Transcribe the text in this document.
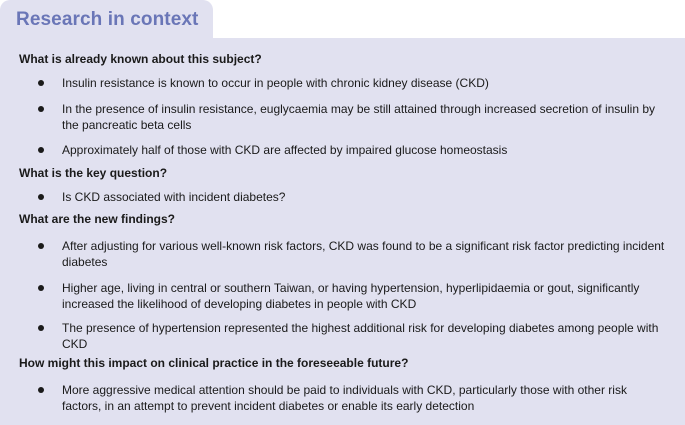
Research in context
What is already known about this subject?
Insulin resistance is known to occur in people with chronic kidney disease (CKD)
In the presence of insulin resistance, euglycaemia may be still attained through increased secretion of insulin by the pancreatic beta cells
Approximately half of those with CKD are affected by impaired glucose homeostasis
What is the key question?
Is CKD associated with incident diabetes?
What are the new findings?
After adjusting for various well-known risk factors, CKD was found to be a significant risk factor predicting incident diabetes
Higher age, living in central or southern Taiwan, or having hypertension, hyperlipidaemia or gout, significantly increased the likelihood of developing diabetes in people with CKD
The presence of hypertension represented the highest additional risk for developing diabetes among people with CKD
How might this impact on clinical practice in the foreseeable future?
More aggressive medical attention should be paid to individuals with CKD, particularly those with other risk factors, in an attempt to prevent incident diabetes or enable its early detection
